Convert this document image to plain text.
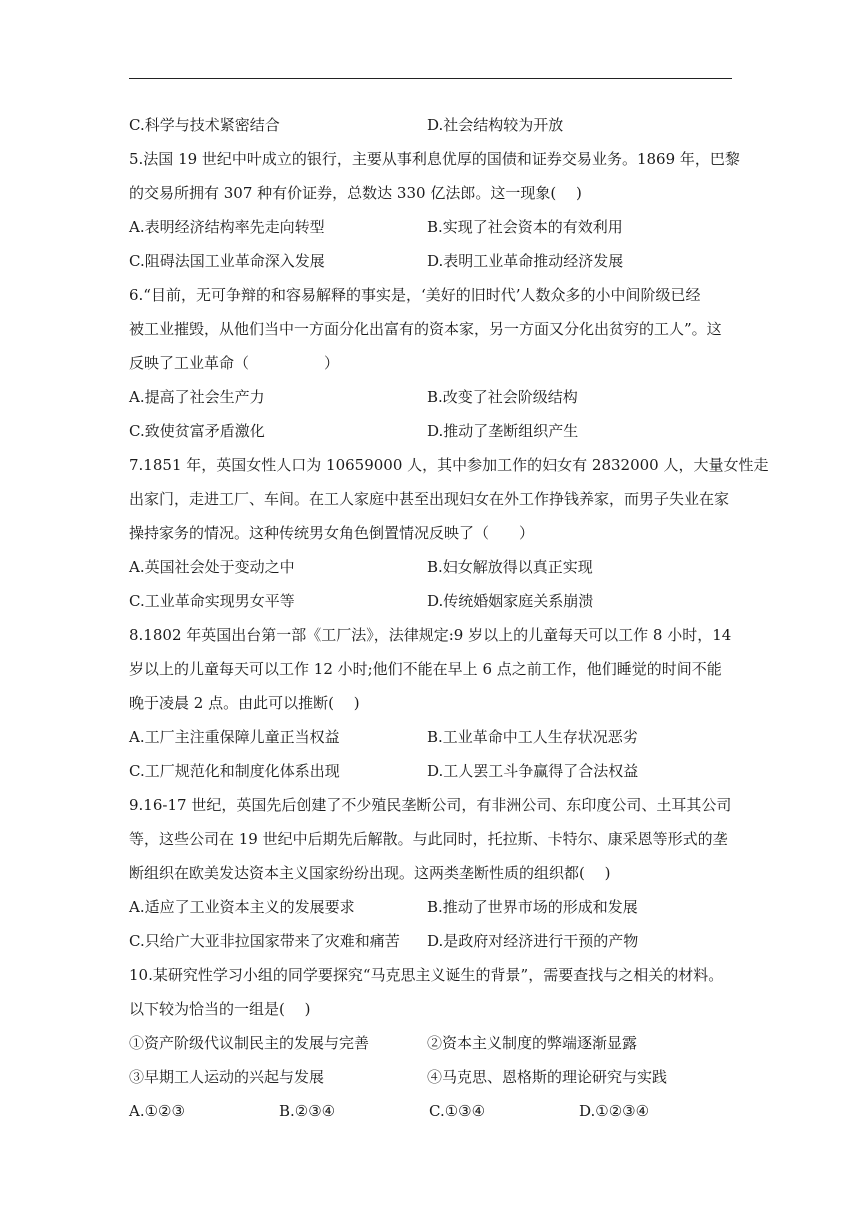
C.科学与技术紧密结合	D.社会结构较为开放
5.法国 19 世纪中叶成立的银行，主要从事利息优厚的国债和证券交易业务。1869 年，巴黎
的交易所拥有 307 种有价证券，总数达 330 亿法郎。这一现象(　 )
A.表明经济结构率先走向转型	B.实现了社会资本的有效利用
C.阻碍法国工业革命深入发展	D.表明工业革命推动经济发展
6.“目前，无可争辩的和容易解释的事实是，‘美好的旧时代’人数众多的小中间阶级已经
被工业摧毁，从他们当中一方面分化出富有的资本家，另一方面又分化出贫穷的工人”。这
反映了工业革命（　　　　　）
A.提高了社会生产力	B.改变了社会阶级结构
C.致使贫富矛盾激化	D.推动了垄断组织产生
7.1851 年，英国女性人口为 10659000 人，其中参加工作的妇女有 2832000 人，大量女性走
出家门，走进工厂、车间。在工人家庭中甚至出现妇女在外工作挣钱养家，而男子失业在家
操持家务的情况。这种传统男女角色倒置情况反映了（　　）
A.英国社会处于变动之中	B.妇女解放得以真正实现
C.工业革命实现男女平等	D.传统婚姻家庭关系崩溃
8.1802 年英国出台第一部《工厂法》，法律规定:9 岁以上的儿童每天可以工作 8 小时，14
岁以上的儿童每天可以工作 12 小时;他们不能在早上 6 点之前工作，他们睡觉的时间不能
晚于凌晨 2 点。由此可以推断(　 )
A.工厂主注重保障儿童正当权益	B.工业革命中工人生存状况恶劣
C.工厂规范化和制度化体系出现	D.工人罢工斗争赢得了合法权益
9.16-17 世纪，英国先后创建了不少殖民垄断公司，有非洲公司、东印度公司、土耳其公司
等，这些公司在 19 世纪中后期先后解散。与此同时，托拉斯、卡特尔、康采恩等形式的垄
断组织在欧美发达资本主义国家纷纷出现。这两类垄断性质的组织都(　 )
A.适应了工业资本主义的发展要求	B.推动了世界市场的形成和发展
C.只给广大亚非拉国家带来了灾难和痛苦 D.是政府对经济进行干预的产物
10.某研究性学习小组的同学要探究“马克思主义诞生的背景”，需要查找与之相关的材料。
以下较为恰当的一组是(　 )
①资产阶级代议制民主的发展与完善	②资本主义制度的弊端逐渐显露
③早期工人运动的兴起与发展	④马克思、恩格斯的理论研究与实践
A.①②③	B.②③④	C.①③④	D.①②③④
